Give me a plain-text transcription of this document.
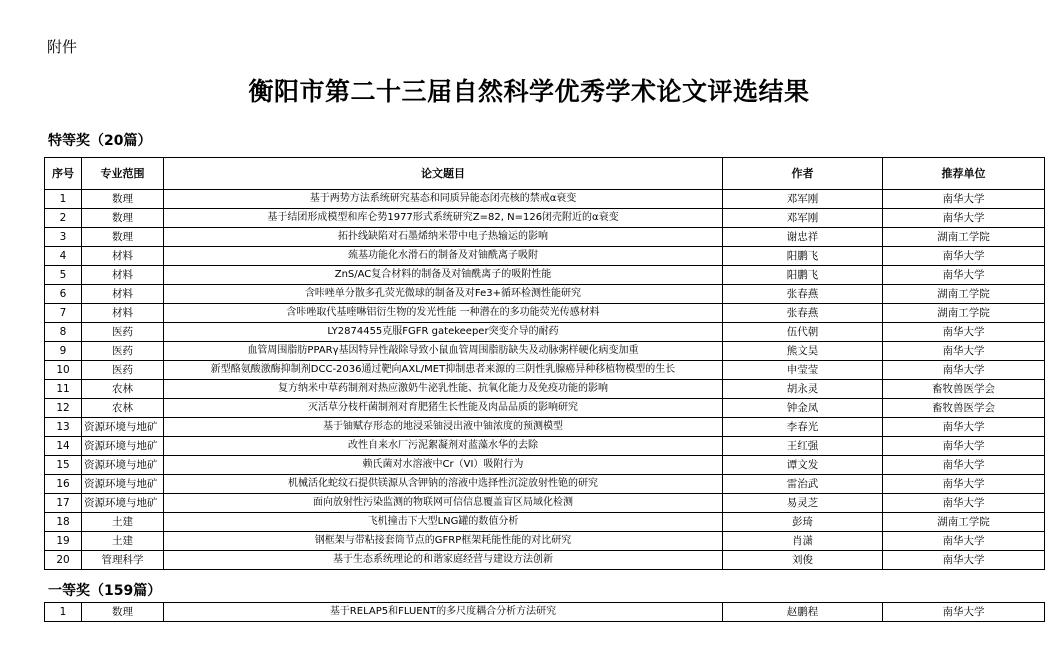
附件
衡阳市第二十三届自然科学优秀学术论文评选结果
特等奖（20篇）
序号	专业范围	论文题目	作者	推荐单位
1	数理	基于两势方法系统研究基态和同质异能态闭壳核的禁戒α衰变	邓军刚	南华大学
2	数理	基于结团形成模型和库仑势1977形式系统研究Z=82, N=126闭壳附近的α衰变	邓军刚	南华大学
3	数理	拓扑线缺陷对石墨烯纳米带中电子热输运的影响	谢忠祥	湖南工学院
4	材料	巯基功能化水滑石的制备及对铀酰离子吸附	阳鹏飞	南华大学
5	材料	ZnS/AC复合材料的制备及对铀酰离子的吸附性能	阳鹏飞	南华大学
6	材料	含咔唑单分散多孔荧光微球的制备及对Fe3+循环检测性能研究	张春燕	湖南工学院
7	材料	含咔唑取代基喹啉铝衍生物的发光性能 一种潜在的多功能荧光传感材料	张春燕	湖南工学院
8	医药	LY2874455克服FGFR gatekeeper突变介导的耐药	伍代朝	南华大学
9	医药	血管周围脂肪PPARγ基因特异性敲除导致小鼠血管周围脂肪缺失及动脉粥样硬化病变加重	熊文昊	南华大学
10	医药	新型酪氨酸激酶抑制剂DCC-2036通过靶向AXL/MET抑制患者来源的三阴性乳腺癌异种移植物模型的生长	申莹莹	南华大学
11	农林	复方纳米中草药制剂对热应激奶牛泌乳性能、抗氧化能力及免疫功能的影响	胡永灵	畜牧兽医学会
12	农林	灭活草分枝杆菌制剂对育肥猪生长性能及肉品品质的影响研究	钟金凤	畜牧兽医学会
13	资源环境与地矿	基于铀赋存形态的地浸采铀浸出液中铀浓度的预测模型	李春光	南华大学
14	资源环境与地矿	改性自来水厂污泥絮凝剂对蓝藻水华的去除	王红强	南华大学
15	资源环境与地矿	赖氏菌对水溶液中Cr（VI）吸附行为	谭文发	南华大学
16	资源环境与地矿	机械活化蛇纹石提供镁源从含钾钠的溶液中选择性沉淀放射性铯的研究	雷治武	南华大学
17	资源环境与地矿	面向放射性污染监测的物联网可信信息覆盖盲区局域化检测	易灵芝	南华大学
18	土建	飞机撞击下大型LNG罐的数值分析	彭琦	湖南工学院
19	土建	钢框架与带粘接套筒节点的GFRP框架耗能性能的对比研究	肖潇	南华大学
20	管理科学	基于生态系统理论的和谐家庭经营与建设方法创新	刘俊	南华大学
一等奖（159篇）
1	数理	基于RELAP5和FLUENT的多尺度耦合分析方法研究	赵鹏程	南华大学
